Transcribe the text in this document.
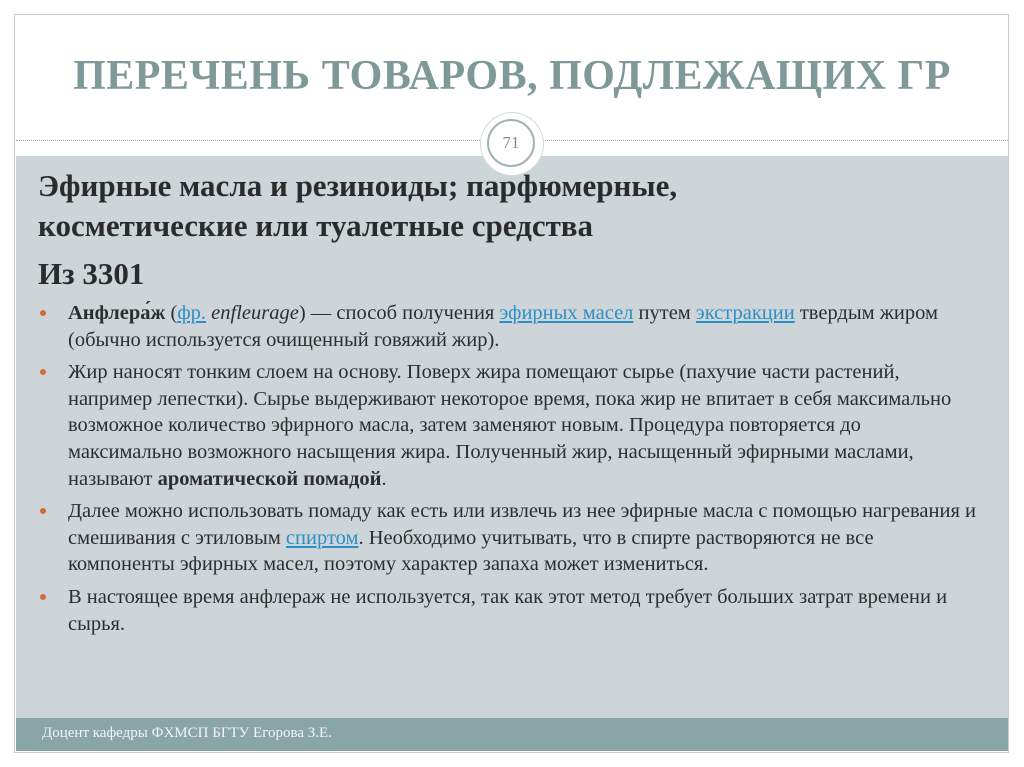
ПЕРЕЧЕНЬ ТОВАРОВ, ПОДЛЕЖАЩИХ ГР
71
Эфирные масла и резиноиды; парфюмерные,
косметические или туалетные средства
Из 3301
Анфлера́ж (фр. enfleurage) — способ получения эфирных масел путем экстракции твердым жиром (обычно используется очищенный говяжий жир).
Жир наносят тонким слоем на основу. Поверх жира помещают сырье (пахучие части растений, например лепестки). Сырье выдерживают некоторое время, пока жир не впитает в себя максимально возможное количество эфирного масла, затем заменяют новым. Процедура повторяется до максимально возможного насыщения жира. Полученный жир, насыщенный эфирными маслами, называют ароматической помадой.
Далее можно использовать помаду как есть или извлечь из нее эфирные масла с помощью нагревания и смешивания с этиловым спиртом. Необходимо учитывать, что в спирте растворяются не все компоненты эфирных масел, поэтому характер запаха может измениться.
В настоящее время анфлераж не используется, так как этот метод требует больших затрат времени и сырья.
Доцент кафедры ФХМСП БГТУ Егорова З.Е.
